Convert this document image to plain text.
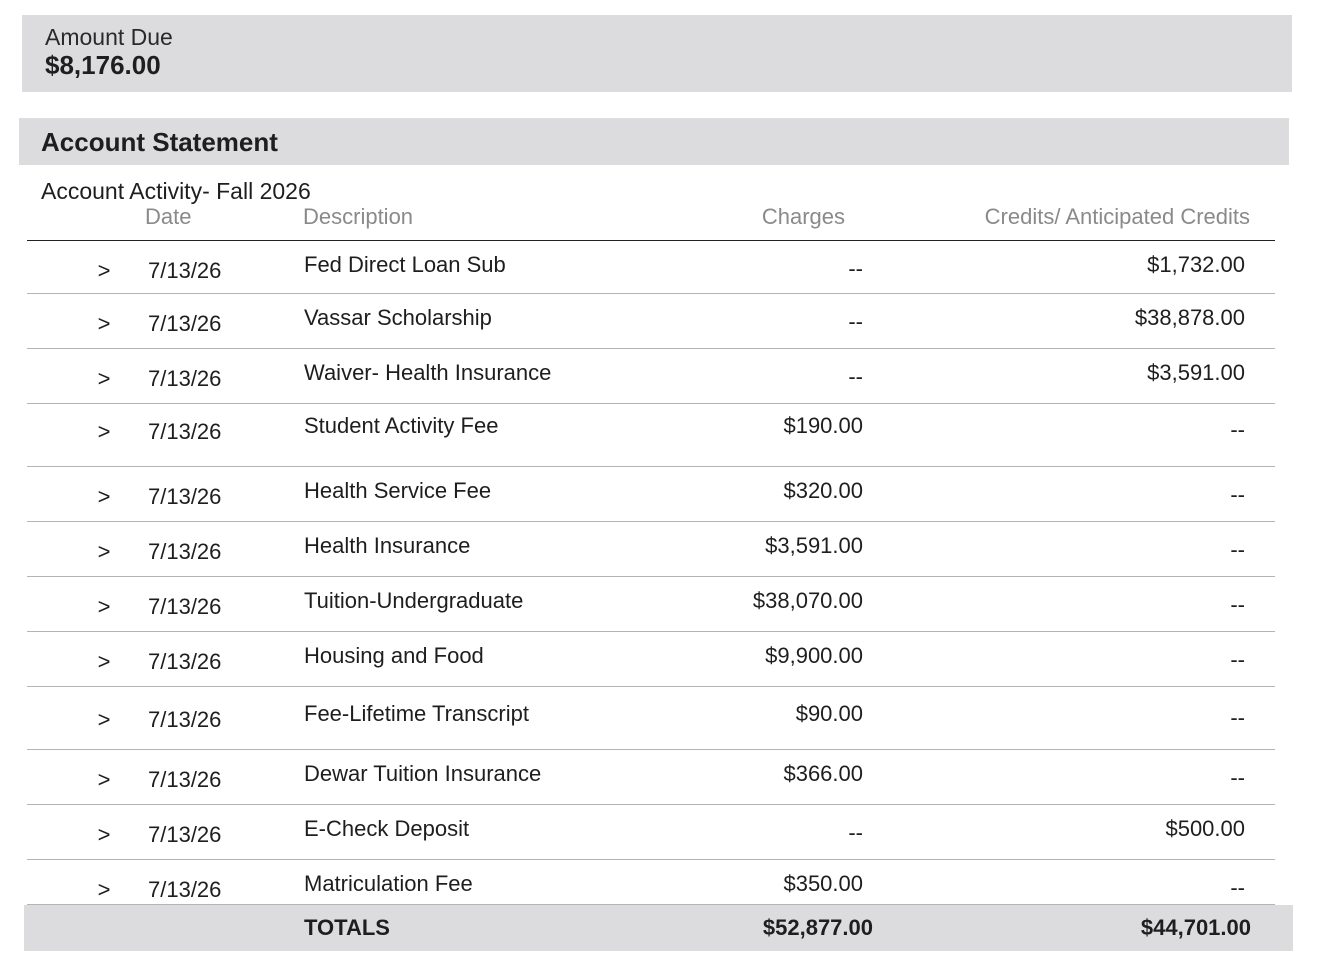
Amount Due
$8,176.00
Account Statement
Account Activity- Fall 2026
Date	Description	Charges	Credits/ Anticipated Credits
> 7/13/26	Fed Direct Loan Sub	--	$1,732.00
> 7/13/26	Vassar Scholarship	--	$38,878.00
> 7/13/26	Waiver- Health Insurance	--	$3,591.00
> 7/13/26	Student Activity Fee	$190.00	--
> 7/13/26	Health Service Fee	$320.00	--
> 7/13/26	Health Insurance	$3,591.00	--
> 7/13/26	Tuition-Undergraduate	$38,070.00	--
> 7/13/26	Housing and Food	$9,900.00	--
> 7/13/26	Fee-Lifetime Transcript	$90.00	--
> 7/13/26	Dewar Tuition Insurance	$366.00	--
> 7/13/26	E-Check Deposit	--	$500.00
> 7/13/26	Matriculation Fee	$350.00	--
TOTALS	$52,877.00	$44,701.00
